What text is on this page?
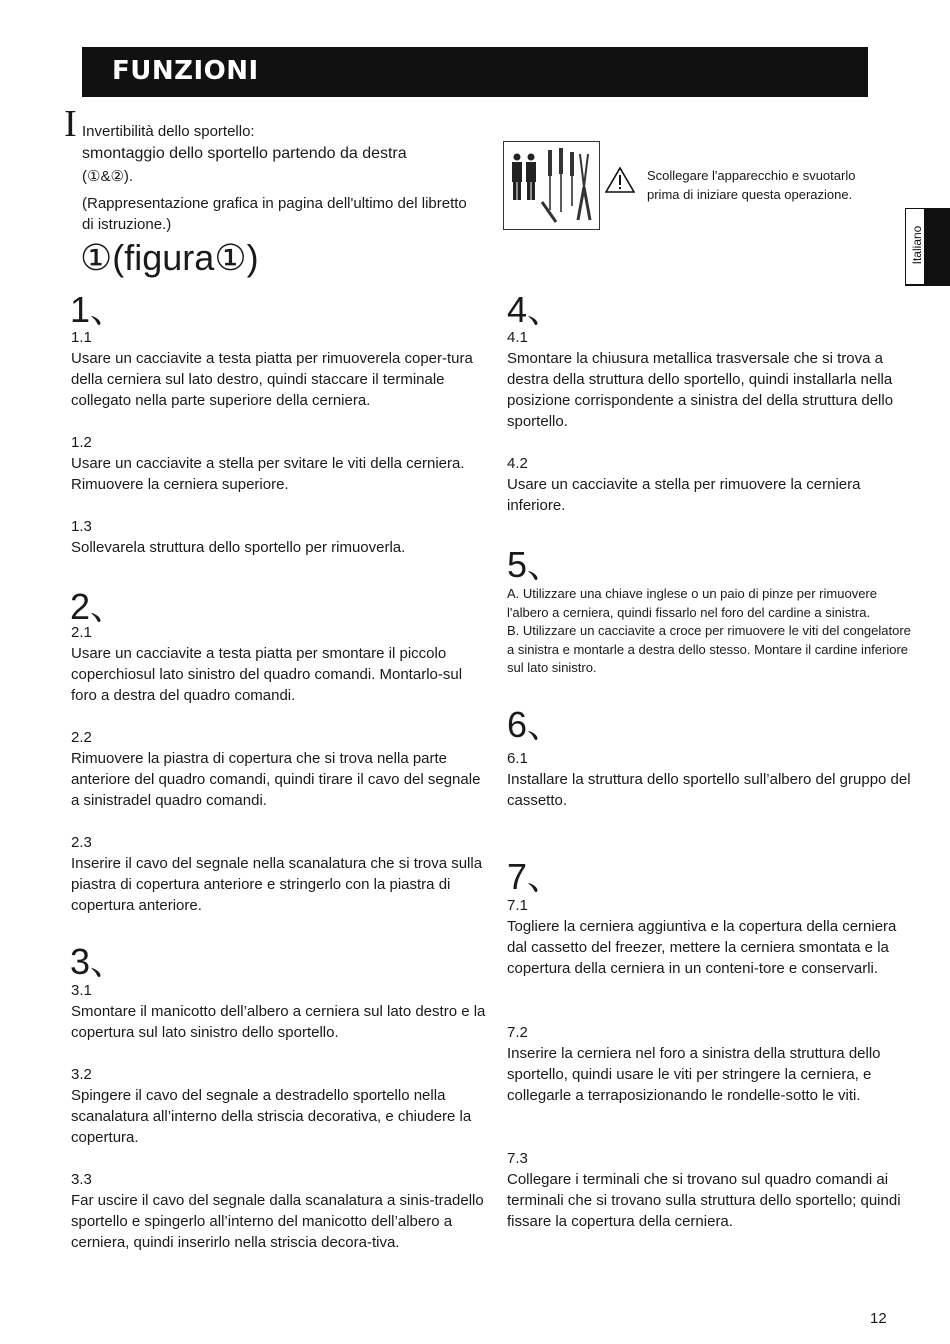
FUNZIONI
Italiano
I Invertibilità dello sportello:
smontaggio dello sportello partendo da destra
(①&②).
(Rappresentazione grafica in pagina dell'ultimo del libretto di istruzione.)
①(figura①)
Scollegare l'apparecchio e svuotarlo prima di iniziare questa operazione.
1、
1.1
Usare un cacciavite a testa piatta per rimuoverela coper-tura della cerniera sul lato destro, quindi staccare il terminale collegato nella parte superiore della cerniera.
1.2
Usare un cacciavite a stella per svitare le viti della cerniera. Rimuovere la cerniera superiore.
1.3
Sollevarela struttura dello sportello per rimuoverla.
2、
2.1
Usare un cacciavite a testa piatta per smontare il piccolo coperchiosul lato sinistro del quadro comandi. Montarlo-sul foro a destra del quadro comandi.
2.2
Rimuovere la piastra di copertura che si trova nella parte anteriore del quadro comandi, quindi tirare il cavo del segnale a sinistradel quadro comandi.
2.3
Inserire il cavo del segnale nella scanalatura che si trova sulla piastra di copertura anteriore e stringerlo con la piastra di copertura anteriore.
3、
3.1
Smontare il manicotto dell’albero a cerniera sul lato destro e la copertura sul lato sinistro dello sportello.
3.2
Spingere il cavo del segnale a destradello sportello nella scanalatura all’interno della striscia decorativa, e chiudere la copertura.
3.3
Far uscire il cavo del segnale dalla scanalatura a sinis-tradello sportello e spingerlo all’interno del manicotto dell’albero a cerniera, quindi inserirlo nella striscia decora-tiva.
4、
4.1
Smontare la chiusura metallica trasversale che si trova a destra della struttura dello sportello, quindi installarla nella posizione corrispondente a sinistra del della struttura dello sportello.
4.2
Usare un cacciavite a stella per rimuovere la cerniera inferiore.
5、
A. Utilizzare una chiave inglese o un paio di pinze per rimuovere l'albero a cerniera, quindi fissarlo nel foro del cardine a sinistra.
B. Utilizzare un cacciavite a croce per rimuovere le viti del congelatore a sinistra e montarle a destra dello stesso. Montare il cardine inferiore sul lato sinistro.
6、
6.1
Installare la struttura dello sportello sull’albero del gruppo del cassetto.
7、
7.1
Togliere la cerniera aggiuntiva e la copertura della cerniera dal cassetto del freezer, mettere la cerniera smontata e la copertura della cerniera in un conteni-tore e conservarli.
7.2
Inserire la cerniera nel foro a sinistra della struttura dello sportello, quindi usare le viti per stringere la cerniera, e collegarle a terraposizionando le rondelle-sotto le viti.
7.3
Collegare i terminali che si trovano sul quadro comandi ai terminali che si trovano sulla struttura dello sportello; quindi fissare la copertura della cerniera.
12
